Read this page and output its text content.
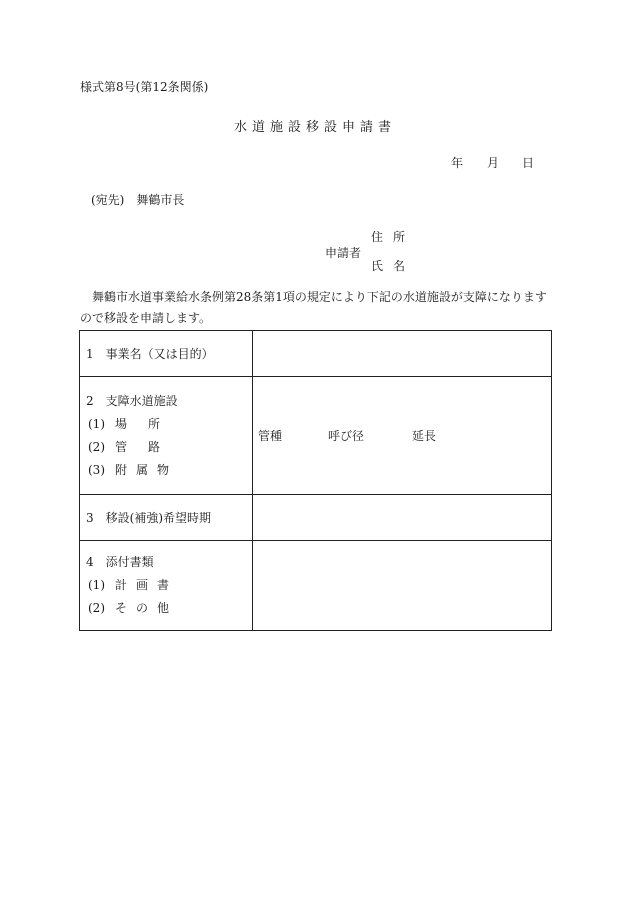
様式第8号(第12条関係)
水道施設移設申請書
年 月 日
(宛先)　舞鶴市長
申請者
住所
氏名
舞鶴市水道事業給水条例第28条第1項の規定により下記の水道施設が支障になりますので移設を申請します。
1　事業名（又は目的）	

2　支障水道施設
(1) 場所
(2) 管路
(3) 附属物	管種 呼び径 延長
3　移設(補強)希望時期	

4　添付書類
(1) 計画書
(2) その他	
